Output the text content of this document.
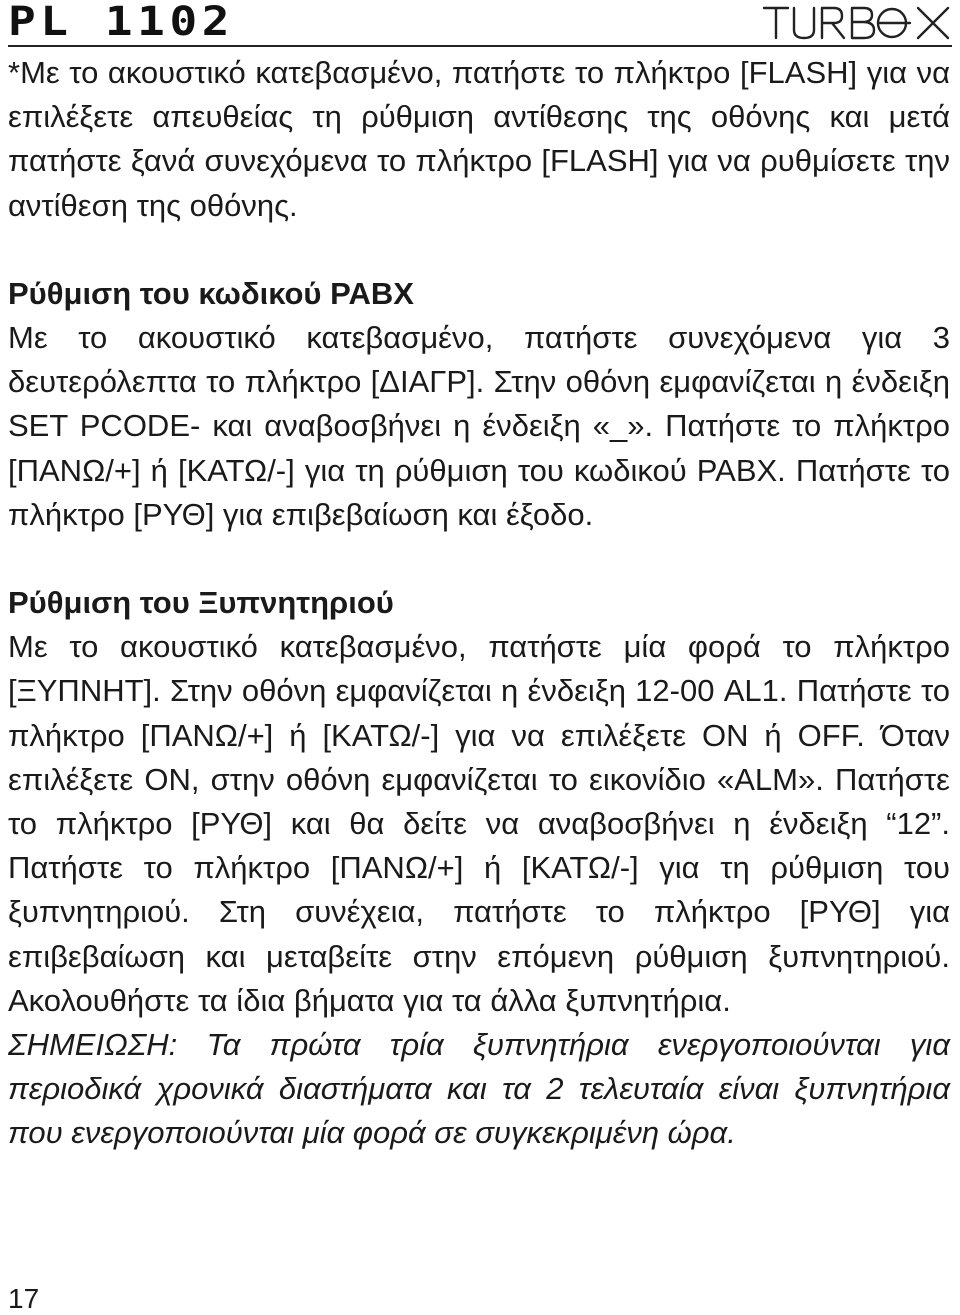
PL 1102

*Με το ακουστικό κατεβασμένο, πατήστε το πλήκτρο [FLASH] για να επιλέξετε απευθείας τη ρύθμιση αντίθεσης της οθόνης και μετά πατήστε ξανά συνεχόμενα το πλήκτρο [FLASH] για να ρυθμίσετε την αντίθεση της οθόνης.

Ρύθμιση του κωδικού PABX

Με το ακουστικό κατεβασμένο, πατήστε συνεχόμενα για 3 δευτερόλεπτα το πλήκτρο [ΔΙΑΓΡ]. Στην οθόνη εμφανίζεται η ένδειξη SET PCODE- και αναβοσβήνει η ένδειξη «_». Πατήστε το πλήκτρο [ΠΑΝΩ/+] ή [ΚΑΤΩ/-] για τη ρύθμιση του κωδικού PABX. Πατήστε το πλήκτρο [ΡΥΘ] για επιβεβαίωση και έξοδο.

Ρύθμιση του Ξυπνητηριού

Με το ακουστικό κατεβασμένο, πατήστε μία φορά το πλήκτρο [ΞΥΠΝΗΤ]. Στην οθόνη εμφανίζεται η ένδειξη 12-00 AL1. Πατήστε το πλήκτρο [ΠΑΝΩ/+] ή [ΚΑΤΩ/-] για να επιλέξετε ON ή OFF. Όταν επιλέξετε ON, στην οθόνη εμφανίζεται το εικονίδιο «ALM». Πατήστε το πλήκτρο [ΡΥΘ] και θα δείτε να αναβοσβήνει η ένδειξη “12”. Πατήστε το πλήκτρο [ΠΑΝΩ/+] ή [ΚΑΤΩ/-] για τη ρύθμιση του ξυπνητηριού. Στη συνέχεια, πατήστε το πλήκτρο [ΡΥΘ] για επιβεβαίωση και μεταβείτε στην επόμενη ρύθμιση ξυπνητηριού. Ακολουθήστε τα ίδια βήματα για τα άλλα ξυπνητήρια.

ΣΗΜΕΙΩΣΗ: Τα πρώτα τρία ξυπνητήρια ενεργοποιούνται για περιοδικά χρονικά διαστήματα και τα 2 τελευταία είναι ξυπνητήρια που ενεργοποιούνται μία φορά σε συγκεκριμένη ώρα.

17
